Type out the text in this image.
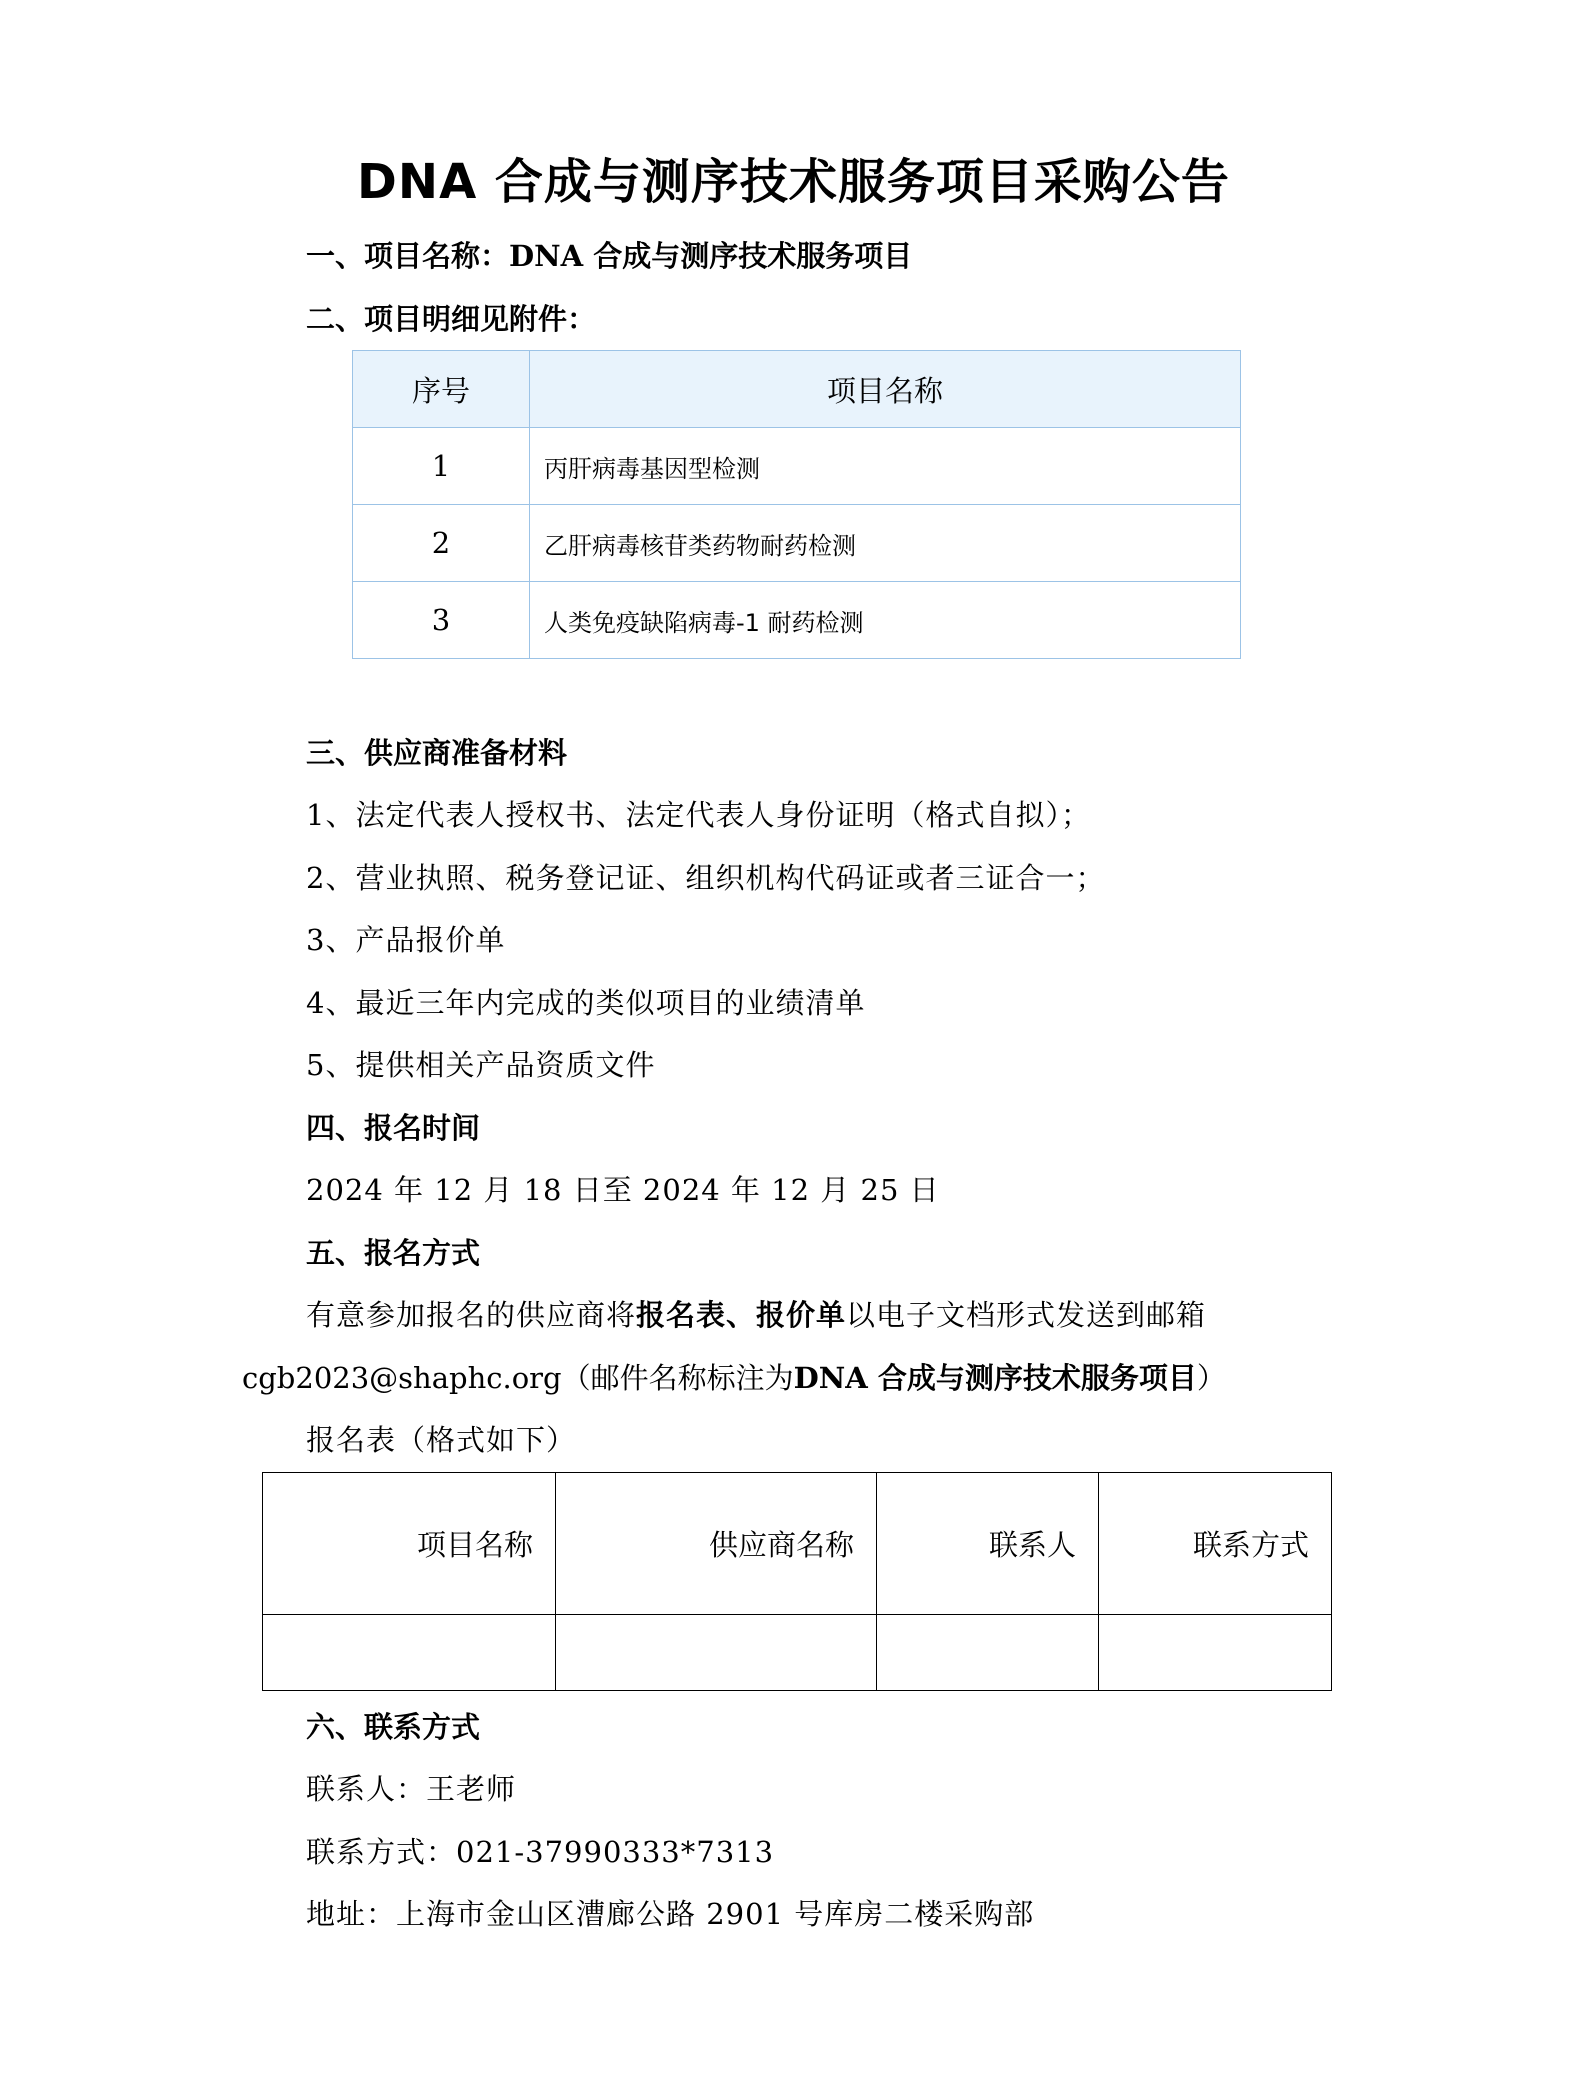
DNA 合成与测序技术服务项目采购公告
一、项目名称：DNA 合成与测序技术服务项目
二、项目明细见附件：
序号	项目名称
1	丙肝病毒基因型检测
2	乙肝病毒核苷类药物耐药检测
3	人类免疫缺陷病毒-1 耐药检测
三、供应商准备材料
1、法定代表人授权书、法定代表人身份证明（格式自拟）；
2、营业执照、税务登记证、组织机构代码证或者三证合一；
3、产品报价单
4、最近三年内完成的类似项目的业绩清单
5、提供相关产品资质文件
四、报名时间
2024 年 12 月 18 日至 2024 年 12 月 25 日
五、报名方式
有意参加报名的供应商将报名表、报价单以电子文档形式发送到邮箱
cgb2023@shaphc.org（邮件名称标注为DNA 合成与测序技术服务项目）
报名表（格式如下）
项目名称	供应商名称	联系人	联系方式

六、联系方式
联系人：王老师
联系方式：021-37990333*7313
地址：上海市金山区漕廊公路 2901 号库房二楼采购部
